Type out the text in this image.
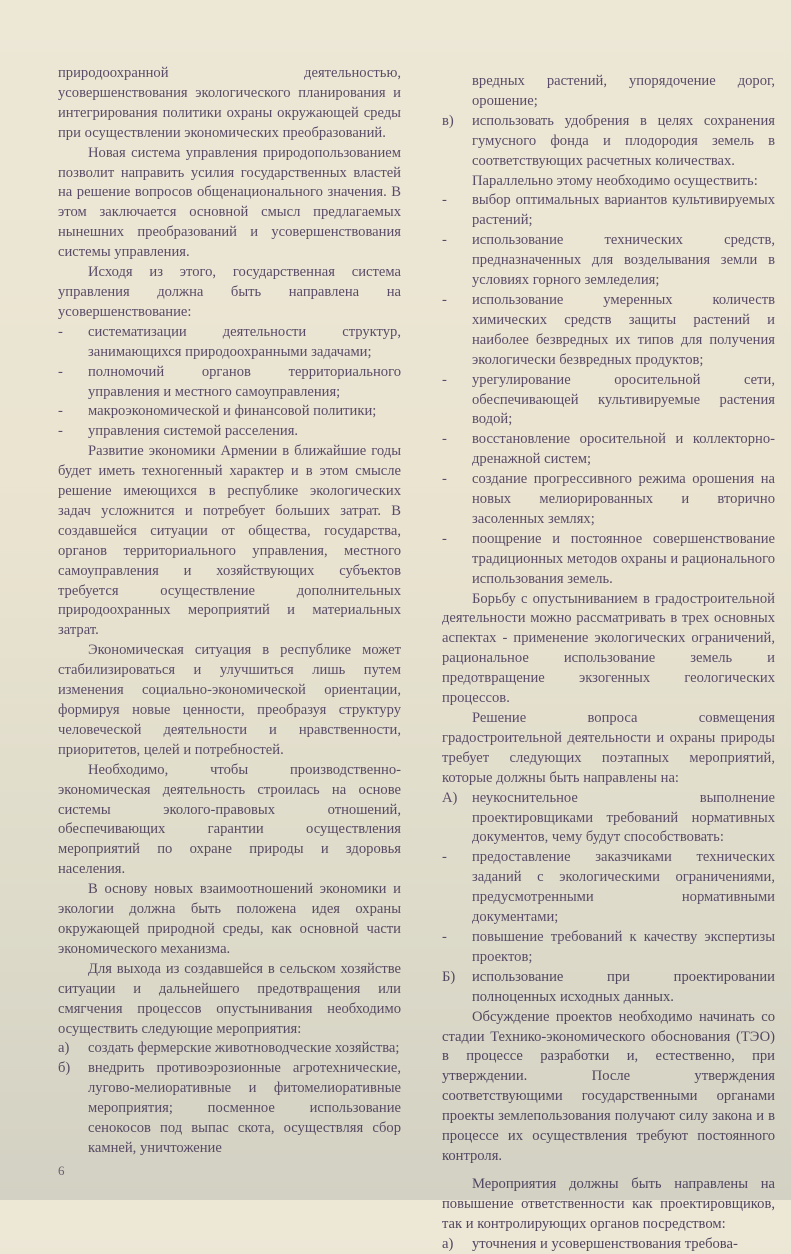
природоохранной деятельностью, усовершенствования экологического планирования и интегрирования политики охраны окружающей среды при осуществлении экономических преобразований.

Новая система управления природопользованием позволит направить усилия государственных властей на решение вопросов общенационального значения. В этом заключается основной смысл предлагаемых нынешних преобразований и усовершенствования системы управления.

Исходя из этого, государственная система управления должна быть направлена на усовершенствование:

-	систематизации деятельности структур, занимающихся природоохранными задачами;
-	полномочий органов территориального управления и местного самоуправления;
-	макроэкономической и финансовой политики;
-	управления системой расселения.

Развитие экономики Армении в ближайшие годы будет иметь техногенный характер и в этом смысле решение имеющихся в республике экологических задач усложнится и потребует больших затрат. В создавшейся ситуации от общества, государства, органов территориального управления, местного самоуправления и хозяйствующих субъектов требуется осуществление дополнительных природоохранных мероприятий и материальных затрат.

Экономическая ситуация в республике может стабилизироваться и улучшиться лишь путем изменения социально-экономической ориентации, формируя новые ценности, преобразуя структуру человеческой деятельности и нравственности, приоритетов, целей и потребностей.

Необходимо, чтобы производственно-экономическая деятельность строилась на основе системы эколого-правовых отношений, обеспечивающих гарантии осуществления мероприятий по охране природы и здоровья населения.

В основу новых взаимоотношений экономики и экологии должна быть положена идея охраны окружающей природной среды, как основной части экономического механизма.

Для выхода из создавшейся в сельском хозяйстве ситуации и дальнейшего предотвращения или смягчения процессов опустынивания необходимо осуществить следующие мероприятия:

а)	создать фермерские животноводческие хозяйства;
б)	внедрить противоэрозионные агротехнические, лугово-мелиоративные и фитомелиоративные мероприятия; посменное использование сенокосов под выпас скота, осуществляя сбор камней, уничтожение

вредных растений, упорядочение дорог, орошение;

в)	использовать удобрения в целях сохранения гумусного фонда и плодородия земель в соответствующих расчетных количествах.

Параллельно этому необходимо осуществить:

-	выбор оптимальных вариантов культивируемых растений;
-	использование технических средств, предназначенных для возделывания земли в условиях горного земледелия;
-	использование умеренных количеств химических средств защиты растений и наиболее безвредных их типов для получения экологически безвредных продуктов;
-	урегулирование оросительной сети, обеспечивающей культивируемые растения водой;
-	восстановление оросительной и коллекторно-дренажной систем;
-	создание прогрессивного режима орошения на новых мелиорированных и вторично засоленных землях;
-	поощрение и постоянное совершенствование традиционных методов охраны и рационального использования земель.

Борьбу с опустыниванием в градостроительной деятельности можно рассматривать в трех основных аспектах - применение экологических ограничений, рациональное использование земель и предотвращение экзогенных геологических процессов.

Решение вопроса совмещения градостроительной деятельности и охраны природы требует следующих поэтапных мероприятий, которые должны быть направлены на:

А) неукоснительное выполнение проектировщиками требований нормативных документов, чему будут способствовать:
-	предоставление заказчиками технических заданий с экологическими ограничениями, предусмотренными нормативными документами;
-	повышение требований к качеству экспертизы проектов;
Б)	использование при проектировании полноценных исходных данных.

Обсуждение проектов необходимо начинать со стадии Технико-экономического обоснования (ТЭО) в процессе разработки и, естественно, при утверждении. После утверждения соответствующими государственными органами проекты землепользования получают силу закона и в процессе их осуществления требуют постоянного контроля.

Мероприятия должны быть направлены на повышение ответственности как проектировщиков, так и контролирующих органов посредством:

а)	уточнения и усовершенствования требова-
6
